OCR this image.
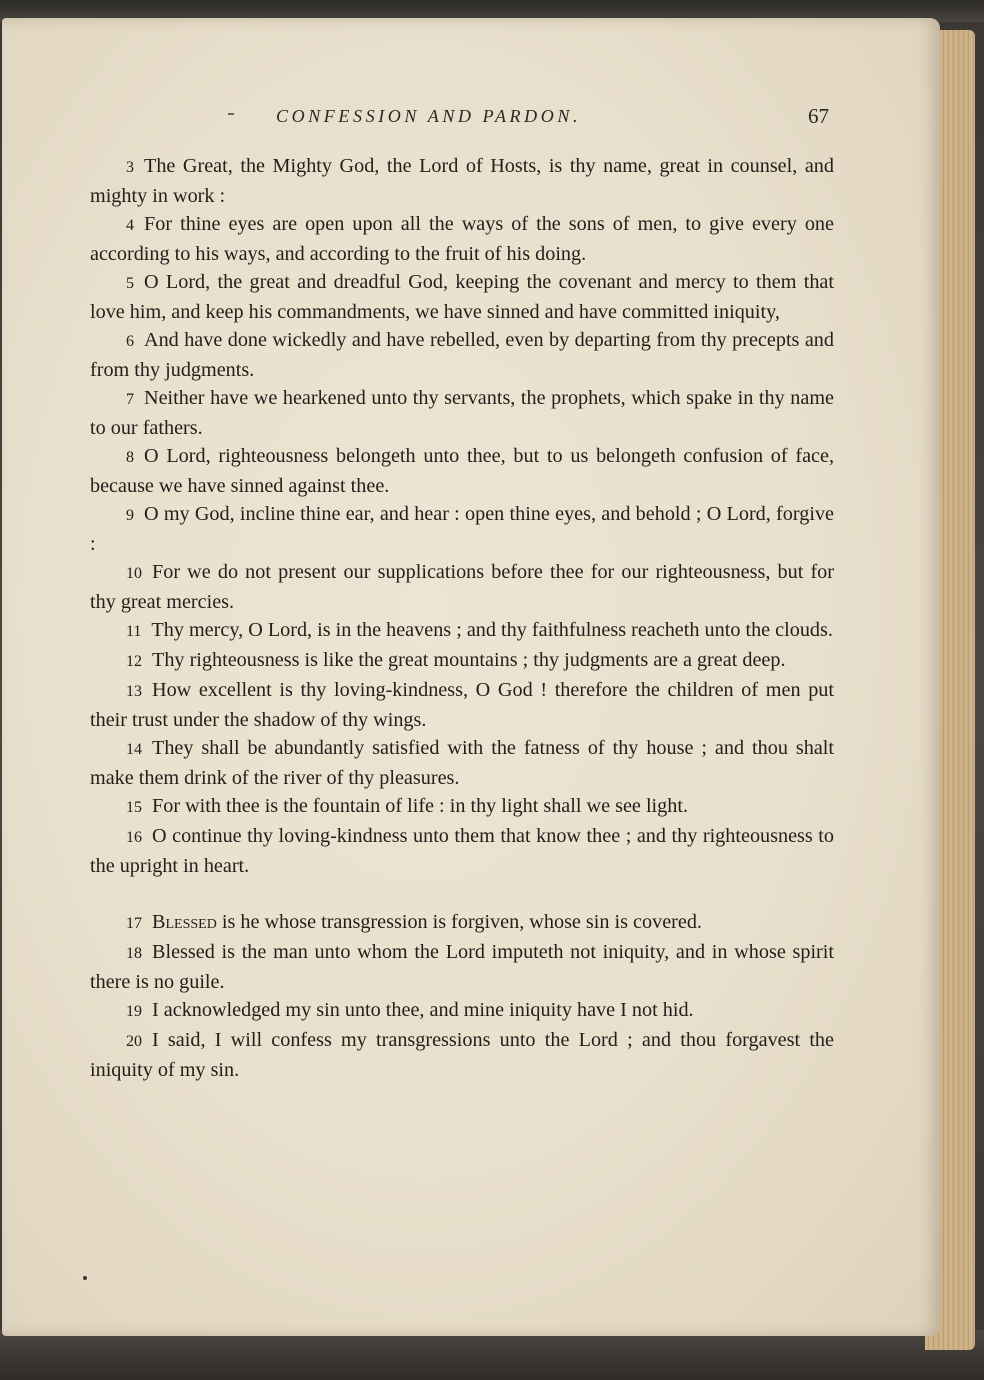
CONFESSION AND PARDON.	67

3 The Great, the Mighty God, the Lord of Hosts, is thy name, great in counsel, and mighty in work :

4 For thine eyes are open upon all the ways of the sons of men, to give every one according to his ways, and according to the fruit of his doing.

5 O Lord, the great and dreadful God, keeping the covenant and mercy to them that love him, and keep his commandments, we have sinned and have committed iniquity,

6 And have done wickedly and have rebelled, even by departing from thy precepts and from thy judgments.

7 Neither have we hearkened unto thy servants, the prophets, which spake in thy name to our fathers.

8 O Lord, righteousness belongeth unto thee, but to us belongeth confusion of face, because we have sinned against thee.

9 O my God, incline thine ear, and hear : open thine eyes, and behold ; O Lord, forgive :

10 For we do not present our supplications before thee for our righteousness, but for thy great mercies.

11 Thy mercy, O Lord, is in the heavens ; and thy faithfulness reacheth unto the clouds.

12 Thy righteousness is like the great mountains ; thy judgments are a great deep.

13 How excellent is thy loving-kindness, O God ! therefore the children of men put their trust under the shadow of thy wings.

14 They shall be abundantly satisfied with the fatness of thy house ; and thou shalt make them drink of the river of thy pleasures.

15 For with thee is the fountain of life : in thy light shall we see light.

16 O continue thy loving-kindness unto them that know thee ; and thy righteousness to the upright in heart.

17 Blessed is he whose transgression is forgiven, whose sin is covered.

18 Blessed is the man unto whom the Lord imputeth not iniquity, and in whose spirit there is no guile.

19 I acknowledged my sin unto thee, and mine iniquity have I not hid.

20 I said, I will confess my transgressions unto the Lord ; and thou forgavest the iniquity of my sin.
